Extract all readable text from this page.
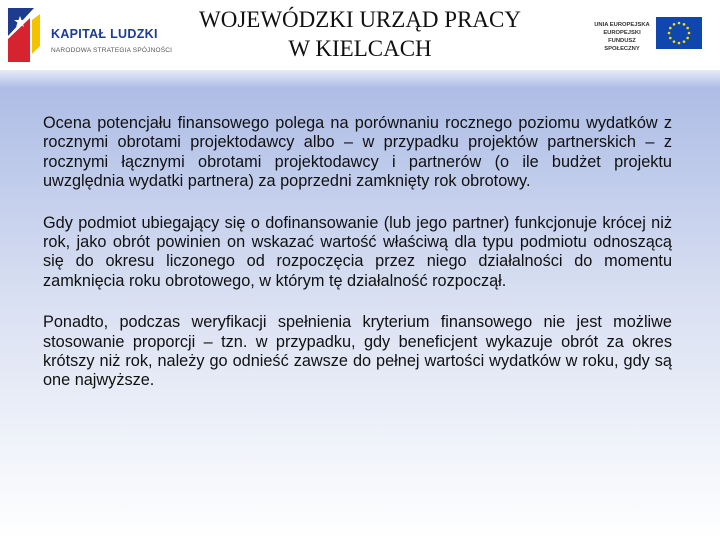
KAPITAŁ LUDZKI
NARODOWA STRATEGIA SPÓJNOŚCI
WOJEWÓDZKI URZĄD PRACY
W KIELCACH
UNIA EUROPEJSKA
EUROPEJSKI
FUNDUSZ SPOŁECZNY

Ocena potencjału finansowego polega na porównaniu rocznego poziomu wydatków z rocznymi obrotami projektodawcy albo – w przypadku projektów partnerskich – z rocznymi łącznymi obrotami projektodawcy i partnerów (o ile budżet projektu uwzględnia wydatki partnera) za poprzedni zamknięty rok obrotowy.

Gdy podmiot ubiegający się o dofinansowanie (lub jego partner) funkcjonuje krócej niż rok, jako obrót powinien on wskazać wartość właściwą dla typu podmiotu odnoszącą się do okresu liczonego od rozpoczęcia przez niego działalności do momentu zamknięcia roku obrotowego, w którym tę działalność rozpoczął.

Ponadto, podczas weryfikacji spełnienia kryterium finansowego nie jest możliwe stosowanie proporcji – tzn. w przypadku, gdy beneficjent wykazuje obrót za okres krótszy niż rok, należy go odnieść zawsze do pełnej wartości wydatków w roku, gdy są one najwyższe.
